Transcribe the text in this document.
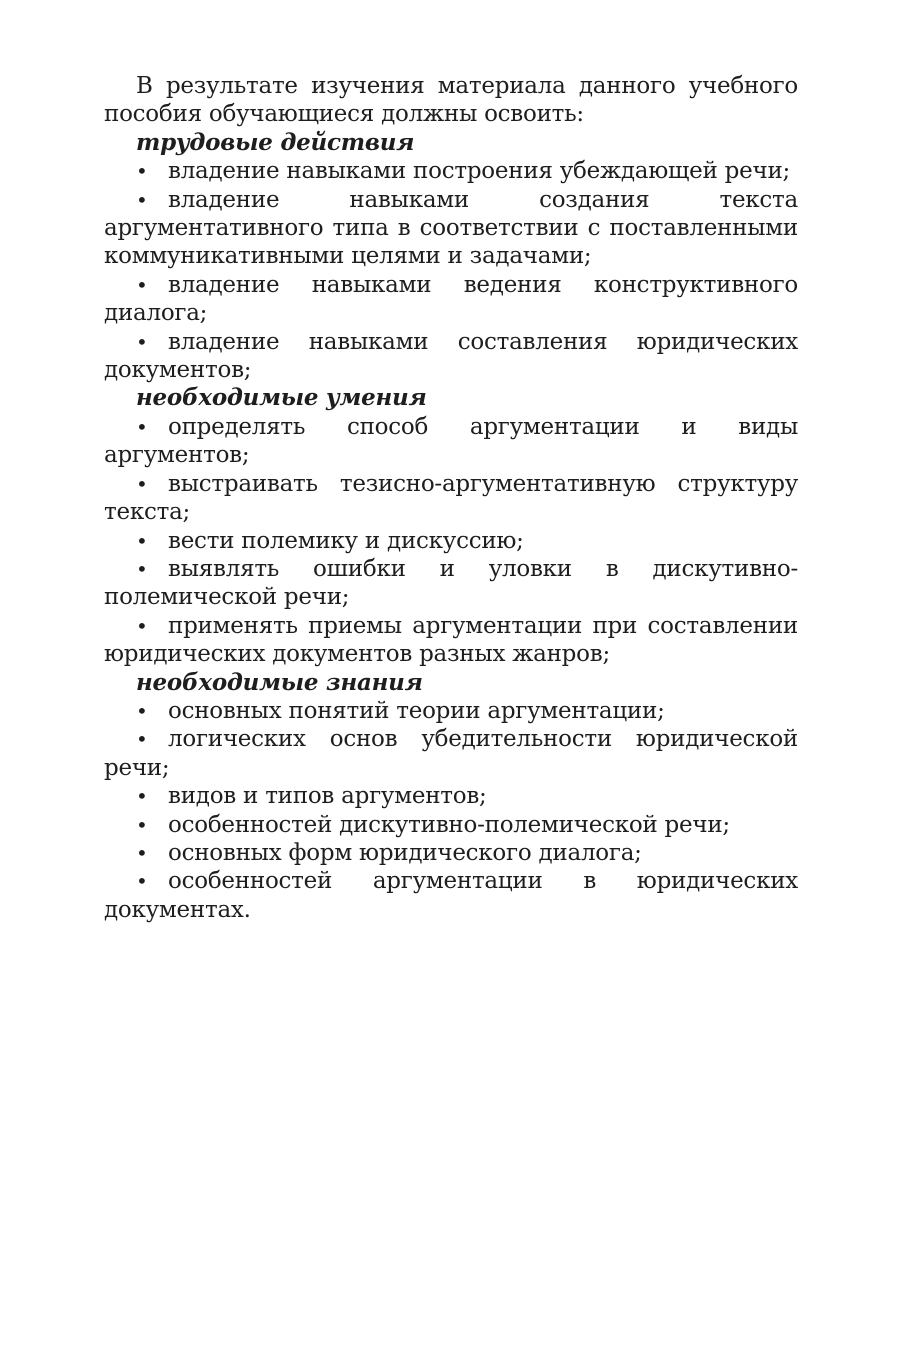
В результате изучения материала данного учебного пособия обучающиеся должны освоить:

трудовые действия

• владение навыками построения убеждающей речи;
• владение навыками создания текста аргументативного типа в соответствии с поставленными коммуникативными целями и задачами;
• владение навыками ведения конструктивного диалога;
• владение навыками составления юридических документов;

необходимые умения

• определять способ аргументации и виды аргументов;
• выстраивать тезисно-аргументативную структуру текста;
• вести полемику и дискуссию;
• выявлять ошибки и уловки в дискутивно-полемической речи;
• применять приемы аргументации при составлении юридических документов разных жанров;

необходимые знания

• основных понятий теории аргументации;
• логических основ убедительности юридической речи;
• видов и типов аргументов;
• особенностей дискутивно-полемической речи;
• основных форм юридического диалога;
• особенностей аргументации в юридических документах.
